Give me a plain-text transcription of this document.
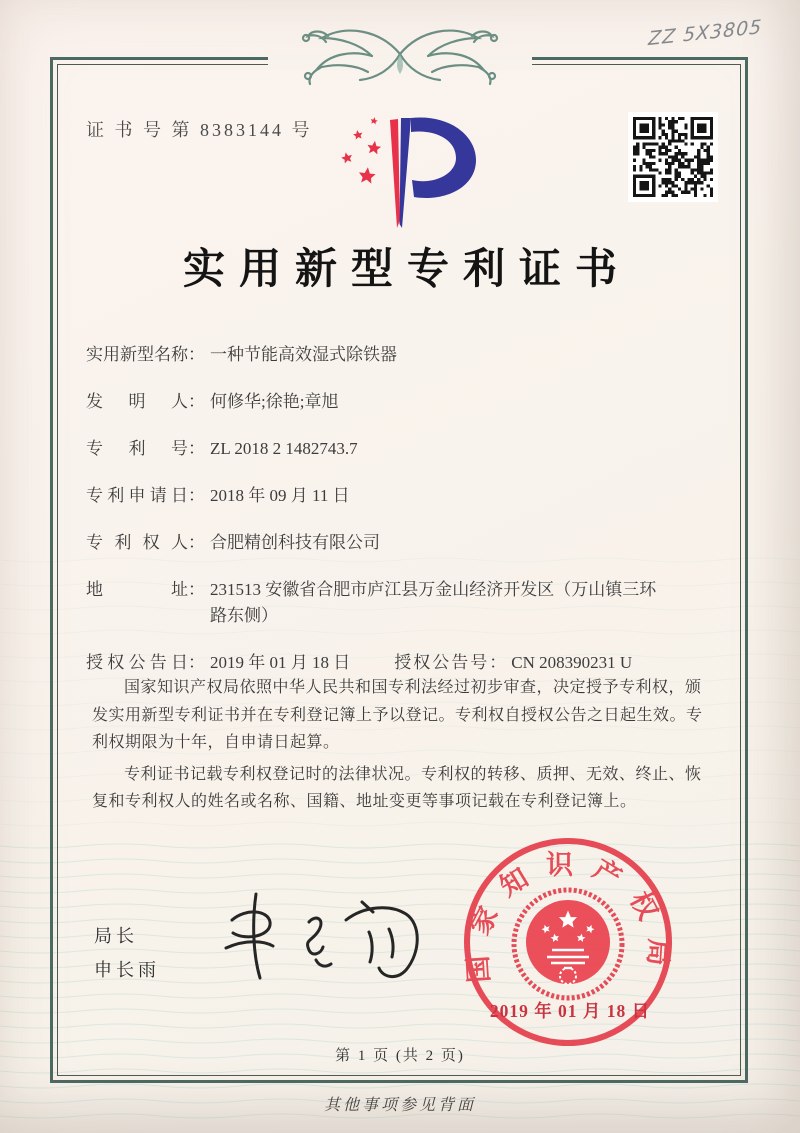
ZZ 5X3805
证 书 号 第 8383144 号
实用新型专利证书
实用新型名称 ： 一种节能高效湿式除铁器
发明人 ： 何修华;徐艳;章旭
专利号 ： ZL 2018 2 1482743.7
专利申请日 ： 2018 年 09 月 11 日
专利权人 ： 合肥精创科技有限公司
地址 ： 231513 安徽省合肥市庐江县万金山经济开发区（万山镇三环路东侧）
授权公告日 ： 2019 年 01 月 18 日	授权公告号 ： CN 208390231 U

国家知识产权局依照中华人民共和国专利法经过初步审查，决定授予专利权，颁发实用新型专利证书并在专利登记簿上予以登记。专利权自授权公告之日起生效。专利权期限为十年，自申请日起算。

专利证书记载专利权登记时的法律状况。专利权的转移、质押、无效、终止、恢复和专利权人的姓名或名称、国籍、地址变更等事项记载在专利登记簿上。

局长
申长雨	国家知识产权局
2019 年 01 月 18 日
第 1 页 (共 2 页)
其他事项参见背面
